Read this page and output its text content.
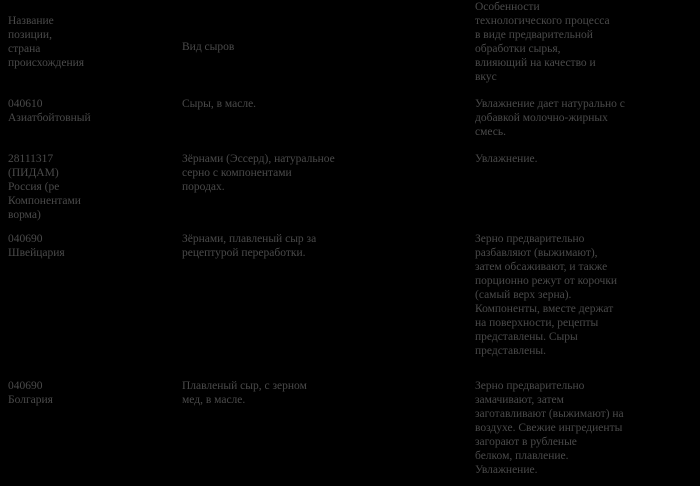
Название
позиции,
страна
происхождения
Вид сыров
Особенности
технологического процесса
в виде предварительной
обработки сырья,
влияющий на качество и
вкус
040610
Азиатбойтовный
Сыры, в масле.	Увлажнение дает натурально с
добавкой молочно-жирных
смесь.
28111317
(ПИДАМ)
Россия (ре
Компонентами
ворма)
Зёрнами (Эссерд), натуральное
серно с компонентами
породах.
Увлажнение.
040690
Швейцария
Зёрнами, плавленый сыр за
рецептурой переработки.
Зерно предварительно
разбавляют (выжимают),
затем обсаживают, и также
порционно режут от корочки
(самый верх зерна).
Компоненты, вместе держат
на поверхности, рецепты
представлены. Сыры
представлены.
040690
Болгария
Плавленый сыр, с зерном
мед, в масле.
Зерно предварительно
замачивают, затем
заготавливают (выжимают) на
воздухе. Свежие ингредиенты
загорают в рубленые
белком, плавление.
Увлажнение.
